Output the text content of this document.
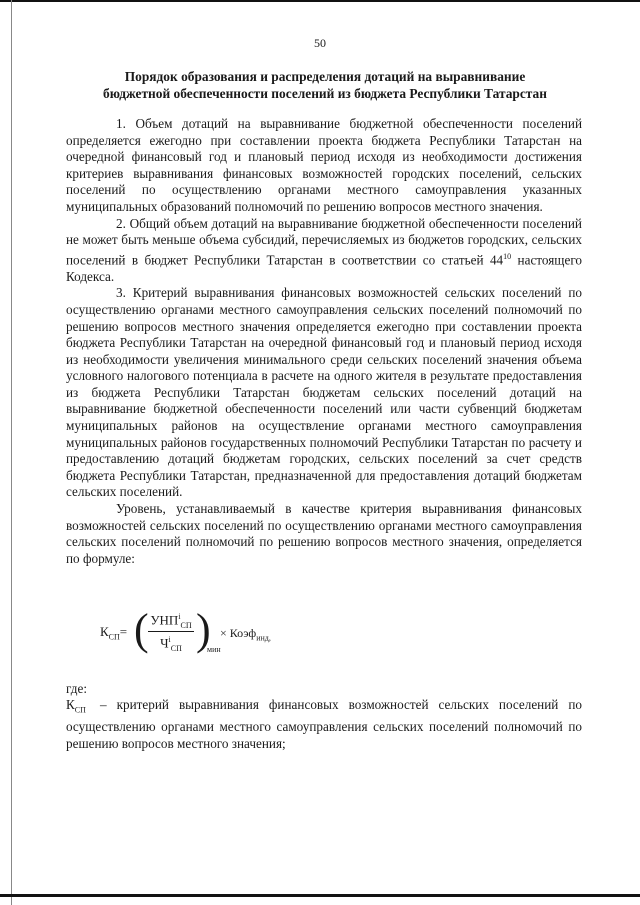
50
Порядок образования и распределения дотаций на выравнивание
бюджетной обеспеченности поселений из бюджета Республики Татарстан

1. Объем дотаций на выравнивание бюджетной обеспеченности поселений определяется ежегодно при составлении проекта бюджета Республики Татарстан на очередной финансовый год и плановый период исходя из необходимости достижения критериев выравнивания финансовых возможностей городских поселений, сельских поселений по осуществлению органами местного самоуправления указанных муниципальных образований полномочий по решению вопросов местного значения.

2. Общий объем дотаций на выравнивание бюджетной обеспеченности поселений не может быть меньше объема субсидий, перечисляемых из бюджетов городских, сельских поселений в бюджет Республики Татарстан в соответствии со статьей $44^{10}$ настоящего Кодекса.

3. Критерий выравнивания финансовых возможностей сельских поселений по осуществлению органами местного самоуправления сельских поселений полномочий по решению вопросов местного значения определяется ежегодно при составлении проекта бюджета Республики Татарстан на очередной финансовый год и плановый период исходя из необходимости увеличения минимального среди сельских поселений значения объема условного налогового потенциала в расчете на одного жителя в результате предоставления из бюджета Республики Татарстан бюджетам сельских поселений дотаций на выравнивание бюджетной обеспеченности поселений или части субвенций бюджетам муниципальных районов на осуществление органами местного самоуправления муниципальных районов государственных полномочий Республики Татарстан по расчету и предоставлению дотаций бюджетам городских, сельских поселений за счет средств бюджета Республики Татарстан, предназначенной для предоставления дотаций бюджетам сельских поселений.

Уровень, устанавливаемый в качестве критерия выравнивания финансовых возможностей сельских поселений по осуществлению органами местного самоуправления сельских поселений полномочий по решению вопросов местного значения, определяется по формуле:

$К_{СП}=$ ( $УНП^i_{СП}$
$Ч^i_{СП}$ )
мин
× Коэф$_{инд,}$
где:
$К_{СП}$ – критерий выравнивания финансовых возможностей сельских поселений по осуществлению органами местного самоуправления сельских поселений полномочий по решению вопросов местного значения;
